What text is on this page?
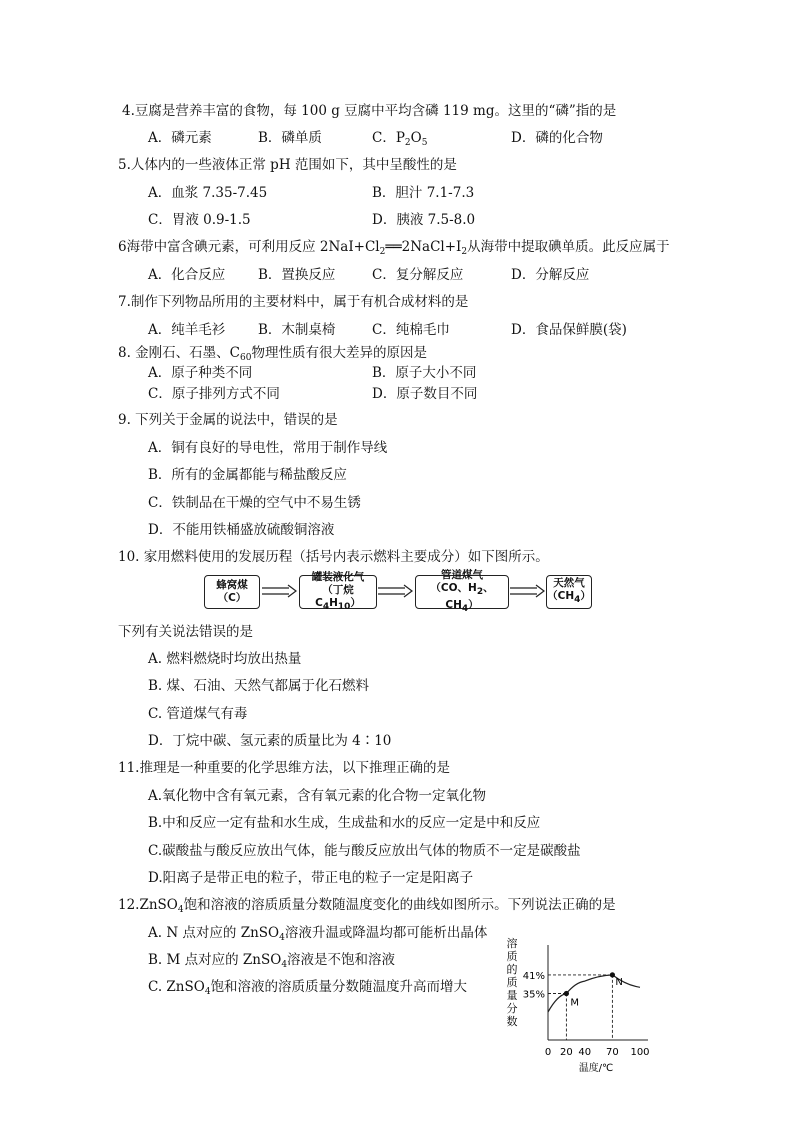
4.豆腐是营养丰富的食物，每 100 g 豆腐中平均含磷 119 mg。这里的“磷”指的是
A．磷元素	B．磷单质	C．$P_2O_5$	D．磷的化合物
5.人体内的一些液体正常 pH 范围如下，其中呈酸性的是
A．血浆 7.35-7.45	B．胆汁 7.1-7.3
C．胃液 0.9-1.5	D．胰液 7.5-8.0
6海带中富含碘元素，可利用反应 $2NaI+Cl_2══2NaCl+I_2$从海带中提取碘单质。此反应属于
A．化合反应 B．置换反应	C．复分解反应	D．分解反应
7.制作下列物品所用的主要材料中，属于有机合成材料的是
A．纯羊毛衫 B．木制桌椅	C．纯棉毛巾	D．食品保鲜膜(袋)
8. 金刚石、石墨、$C_{60}$物理性质有很大差异的原因是
A．原子种类不同	B．原子大小不同
C．原子排列方式不同	D．原子数目不同
9. 下列关于金属的说法中，错误的是
A．铜有良好的导电性，常用于制作导线
B．所有的金属都能与稀盐酸反应
C．铁制品在干燥的空气中不易生锈
D．不能用铁桶盛放硫酸铜溶液
10. 家用燃料使用的发展历程（括号内表示燃料主要成分）如下图所示。
蜂窝煤
（C）
罐装液化气
（丁烷$C_4H_{10}$）
管道煤气
（CO、$H_2$、$CH_4$）
天然气
$(CH_4)$
下列有关说法错误的是
A. 燃料燃烧时均放出热量
B. 煤、石油、天然气都属于化石燃料
C. 管道煤气有毒
D．丁烷中碳、氢元素的质量比为 4∶10
11.推理是一种重要的化学思维方法，以下推理正确的是
A.氧化物中含有氧元素，含有氧元素的化合物一定氧化物
B.中和反应一定有盐和水生成，生成盐和水的反应一定是中和反应
C.碳酸盐与酸反应放出气体，能与酸反应放出气体的物质不一定是碳酸盐
D.阳离子是带正电的粒子，带正电的粒子一定是阳离子
12.ZnSO$_4$饱和溶液的溶质质量分数随温度变化的曲线如图所示。下列说法正确的是
A. N 点对应的 ZnSO$_4$溶液升温或降温均都可能析出晶体
B. M 点对应的 ZnSO$_4$溶液是不饱和溶液
C. ZnSO$_4$饱和溶液的溶质质量分数随温度升高而增大
溶
质
的
质
量
分
数
M
N
0 20 40 70 100
35%
41%
温度/℃
